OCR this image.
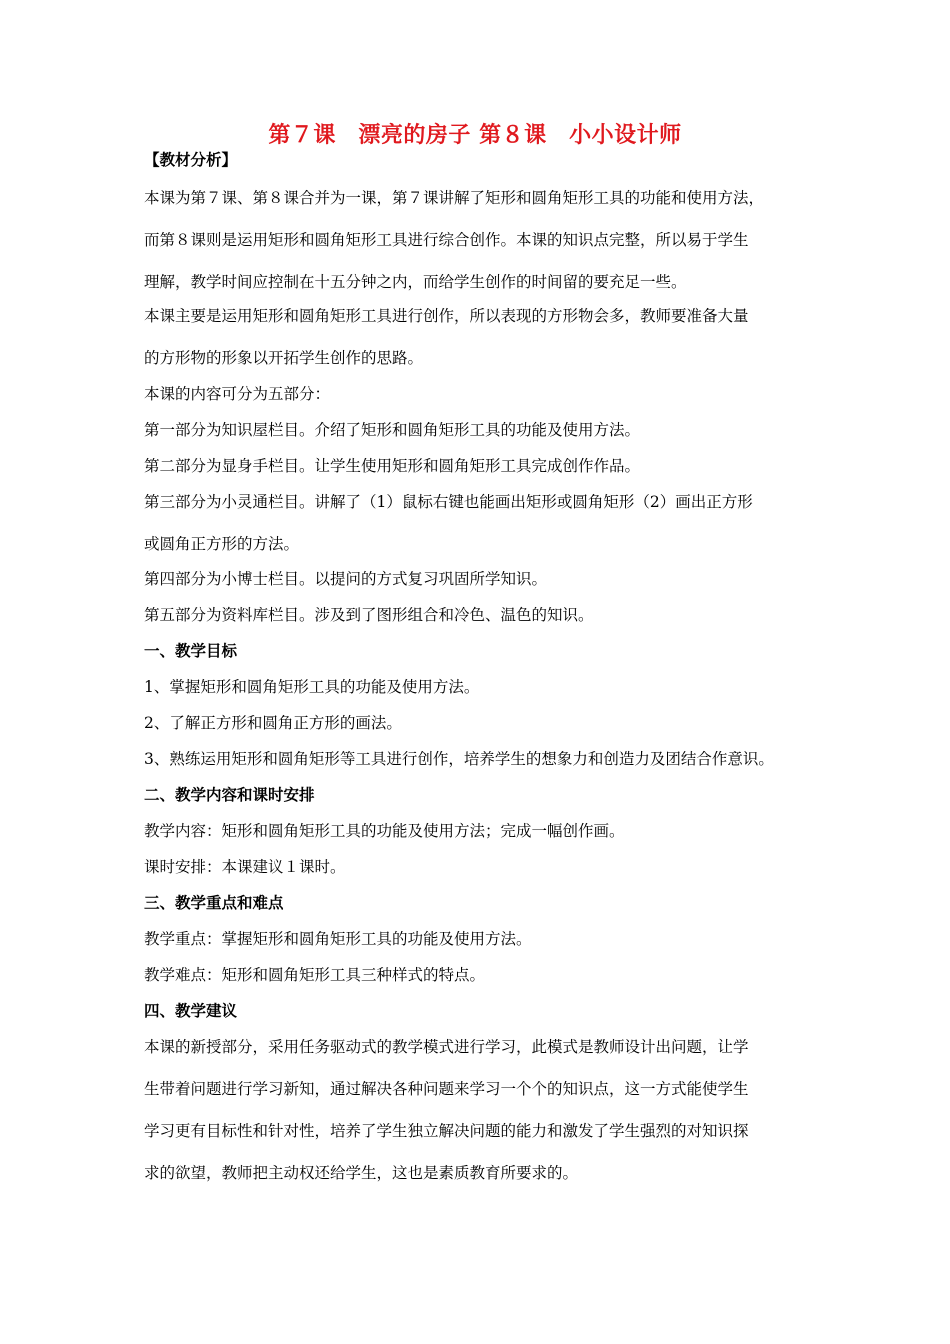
第７课　漂亮的房子 第８课　小小设计师
【教材分析】
本课为第７课、第８课合并为一课，第７课讲解了矩形和圆角矩形工具的功能和使用方法，
而第８课则是运用矩形和圆角矩形工具进行综合创作。本课的知识点完整，所以易于学生
理解，教学时间应控制在十五分钟之内，而给学生创作的时间留的要充足一些。
本课主要是运用矩形和圆角矩形工具进行创作，所以表现的方形物会多，教师要准备大量
的方形物的形象以开拓学生创作的思路。
本课的内容可分为五部分：
第一部分为知识屋栏目。介绍了矩形和圆角矩形工具的功能及使用方法。
第二部分为显身手栏目。让学生使用矩形和圆角矩形工具完成创作作品。
第三部分为小灵通栏目。讲解了（1）鼠标右键也能画出矩形或圆角矩形（2）画出正方形
或圆角正方形的方法。
第四部分为小博士栏目。以提问的方式复习巩固所学知识。
第五部分为资料库栏目。涉及到了图形组合和冷色、温色的知识。
一、教学目标
1、掌握矩形和圆角矩形工具的功能及使用方法。
2、了解正方形和圆角正方形的画法。
3、熟练运用矩形和圆角矩形等工具进行创作，培养学生的想象力和创造力及团结合作意识。
二、教学内容和课时安排
教学内容：矩形和圆角矩形工具的功能及使用方法；完成一幅创作画。
课时安排：本课建议１课时。
三、教学重点和难点
教学重点：掌握矩形和圆角矩形工具的功能及使用方法。
教学难点：矩形和圆角矩形工具三种样式的特点。
四、教学建议
本课的新授部分，采用任务驱动式的教学模式进行学习，此模式是教师设计出问题，让学
生带着问题进行学习新知，通过解决各种问题来学习一个个的知识点，这一方式能使学生
学习更有目标性和针对性，培养了学生独立解决问题的能力和激发了学生强烈的对知识探
求的欲望，教师把主动权还给学生，这也是素质教育所要求的。
